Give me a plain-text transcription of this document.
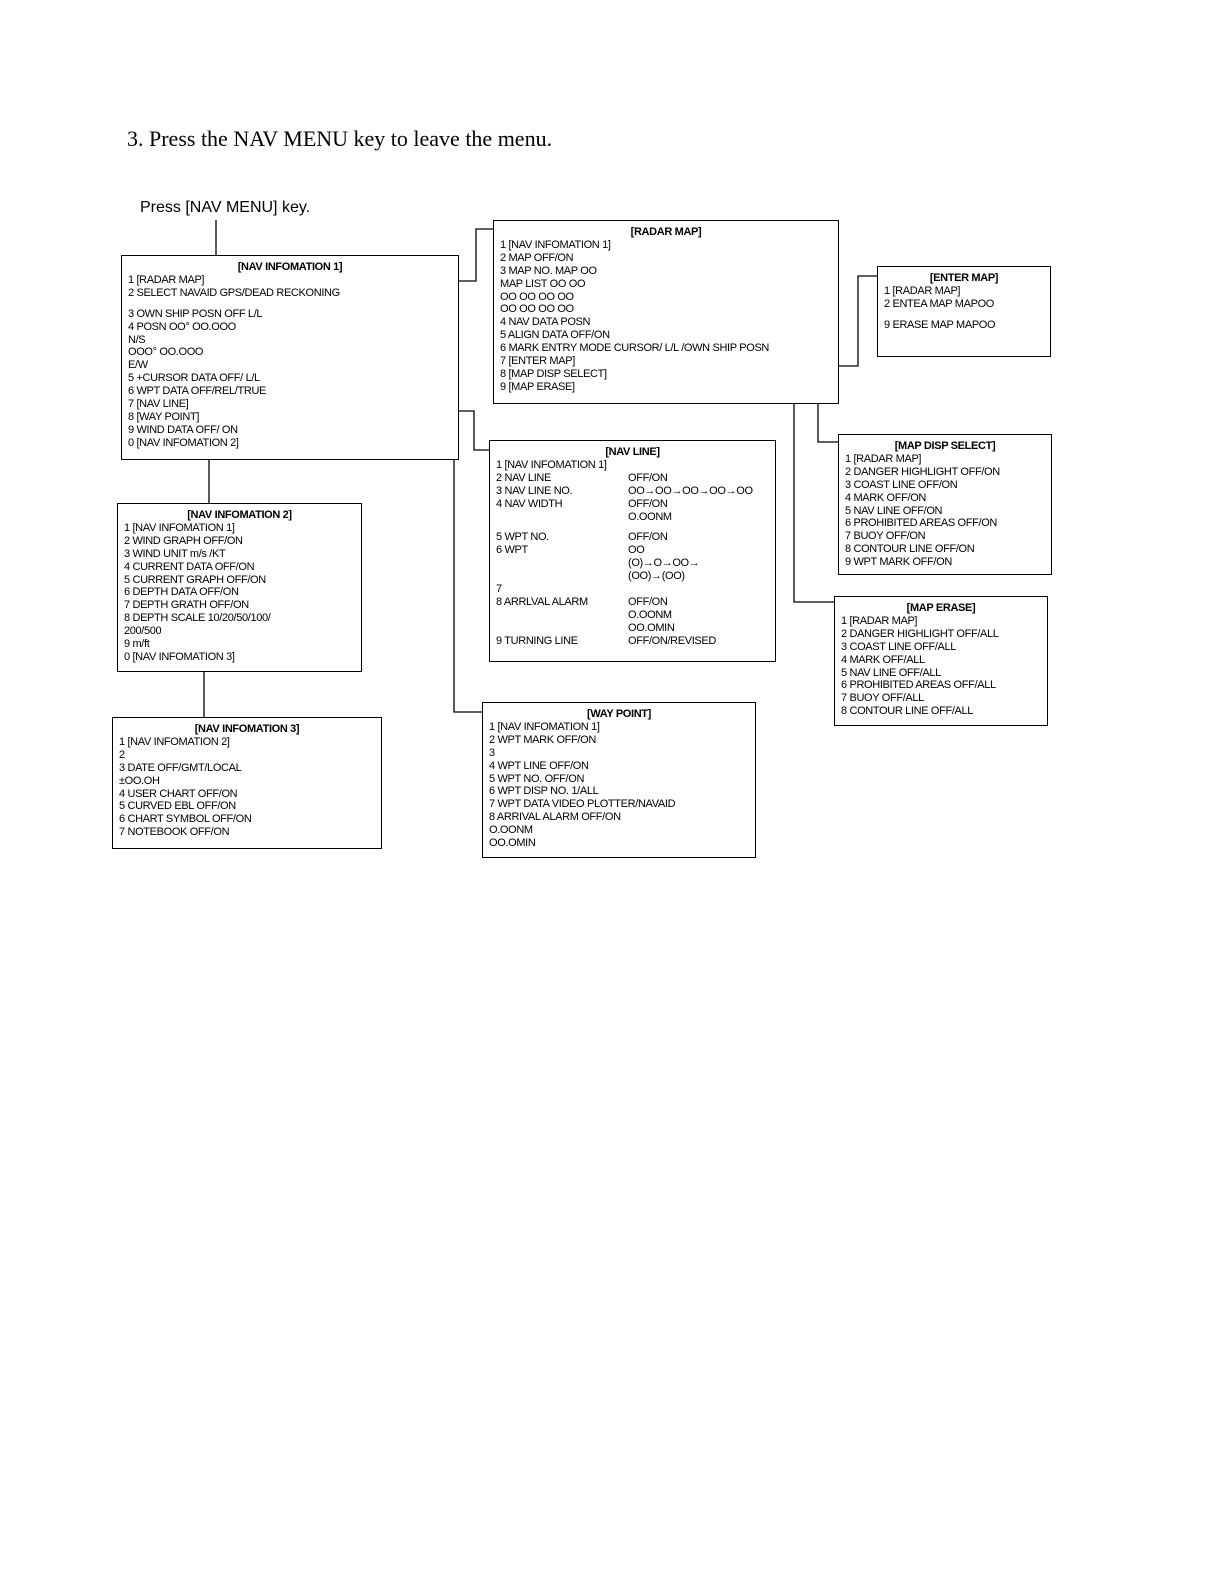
3. Press the NAV MENU key to leave the menu.
Press [NAV MENU] key.
[NAV INFOMATION 1]
1 [RADAR MAP]
2 SELECT NAVAID GPS/DEAD RECKONING
3 OWN SHIP POSN OFF L/L
4 POSN OO° OO.OOO
N/S
OOO° OO.OOO
E/W
5 +CURSOR DATA OFF/ L/L
6 WPT DATA OFF/REL/TRUE
7 [NAV LINE]
8 [WAY POINT]
9 WIND DATA OFF/ ON
0 [NAV INFOMATION 2]
[NAV INFOMATION 2]
1 [NAV INFOMATION 1]
2 WIND GRAPH OFF/ON
3 WIND UNIT m/s /KT
4 CURRENT DATA OFF/ON
5 CURRENT GRAPH OFF/ON
6 DEPTH DATA OFF/ON
7 DEPTH GRATH OFF/ON
8 DEPTH SCALE 10/20/50/100/
200/500
9 m/ft
0 [NAV INFOMATION 3]
[NAV INFOMATION 3]
1 [NAV INFOMATION 2]
2
3 DATE OFF/GMT/LOCAL
±OO.OH
4 USER CHART OFF/ON
5 CURVED EBL OFF/ON
6 CHART SYMBOL OFF/ON
7 NOTEBOOK OFF/ON
[RADAR MAP]
1 [NAV INFOMATION 1]
2 MAP OFF/ON
3 MAP NO. MAP OO
MAP LIST OO OO
OO OO OO OO
OO OO OO OO
4 NAV DATA POSN
5 ALIGN DATA OFF/ON
6 MARK ENTRY MODE CURSOR/ L/L /OWN SHIP POSN
7 [ENTER MAP]
8 [MAP DISP SELECT]
9 [MAP ERASE]
[NAV LINE]
1 [NAV INFOMATION 1]
2 NAV LINE	OFF/ON
3 NAV LINE NO.	OO→OO→OO→OO→OO
4 NAV WIDTH	OFF/ON
O.OONM
5 WPT NO.	OFF/ON
6 WPT	OO
(O)→O→OO→
(OO)→(OO)
7
8 ARRLVAL ALARM	OFF/ON
O.OONM
OO.OMIN
9 TURNING LINE	OFF/ON/REVISED
[WAY POINT]
1 [NAV INFOMATION 1]
2 WPT MARK OFF/ON
3
4 WPT LINE OFF/ON
5 WPT NO. OFF/ON
6 WPT DISP NO. 1/ALL
7 WPT DATA VIDEO PLOTTER/NAVAID
8 ARRIVAL ALARM OFF/ON
O.OONM
OO.OMIN
[ENTER MAP]
1 [RADAR MAP]
2 ENTEA MAP MAPOO
9 ERASE MAP MAPOO
[MAP DISP SELECT]
1 [RADAR MAP]
2 DANGER HIGHLIGHT OFF/ON
3 COAST LINE OFF/ON
4 MARK OFF/ON
5 NAV LINE OFF/ON
6 PROHIBITED AREAS OFF/ON
7 BUOY OFF/ON
8 CONTOUR LINE OFF/ON
9 WPT MARK OFF/ON
[MAP ERASE]
1 [RADAR MAP]
2 DANGER HIGHLIGHT OFF/ALL
3 COAST LINE OFF/ALL
4 MARK OFF/ALL
5 NAV LINE OFF/ALL
6 PROHIBITED AREAS OFF/ALL
7 BUOY OFF/ALL
8 CONTOUR LINE OFF/ALL
